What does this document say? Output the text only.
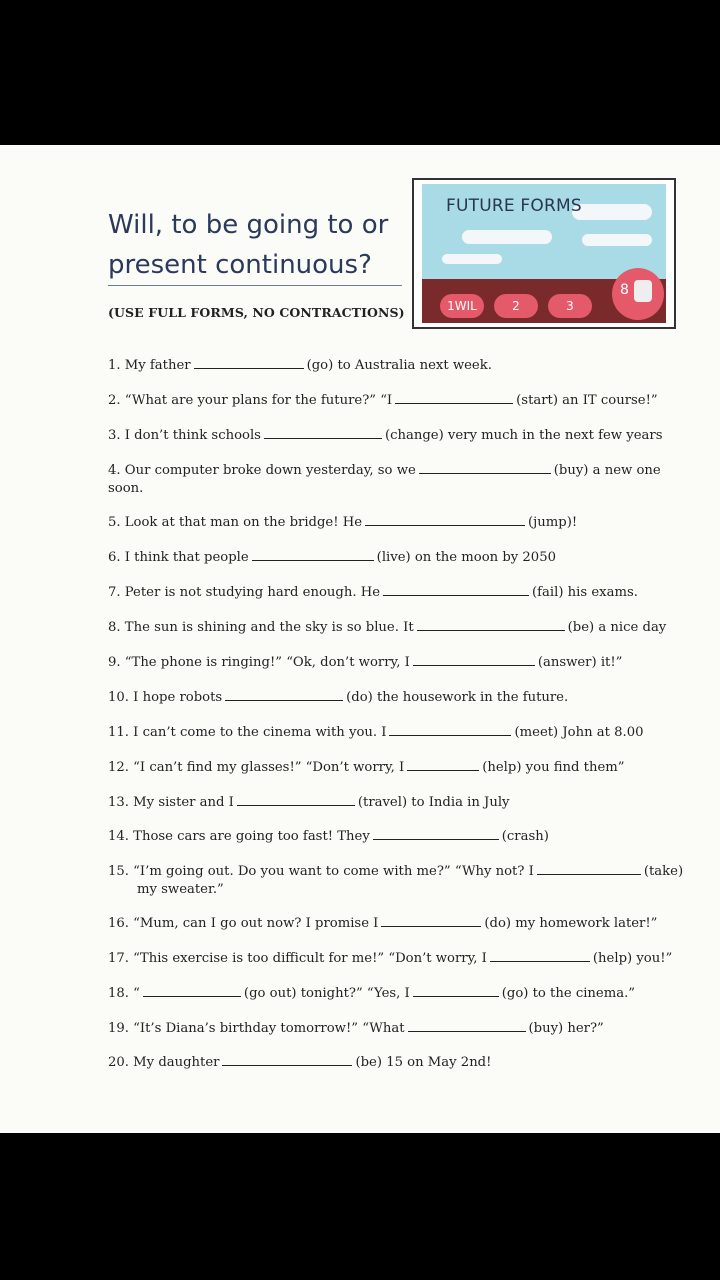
Will, to be going to or
present continuous?
(USE FULL FORMS, NO CONTRACTIONS)
FUTURE FORMS
1WIL	2	3
8
1. My father	(go) to Australia next week.
2. “What are your plans for the future?” “I	(start) an IT course!”
3. I don’t think schools	(change) very much in the next few years
4. Our computer broke down yesterday, so we	(buy) a new one
soon.
5. Look at that man on the bridge! He	(jump)!
6. I think that people	(live) on the moon by 2050
7. Peter is not studying hard enough. He	(fail) his exams.
8. The sun is shining and the sky is so blue. It	(be) a nice day
9. “The phone is ringing!” “Ok, don’t worry, I	(answer) it!”
10. I hope robots	(do) the housework in the future.
11. I can’t come to the cinema with you. I	(meet) John at 8.00
12. “I can’t find my glasses!” “Don’t worry, I	(help) you find them”
13. My sister and I	(travel) to India in July
14. Those cars are going too fast! They	(crash)
15. “I’m going out. Do you want to come with me?” “Why not? I	(take)
my sweater.”
16. “Mum, can I go out now? I promise I	(do) my homework later!”
17. “This exercise is too difficult for me!” “Don’t worry, I	(help) you!”
18. “	(go out) tonight?” “Yes, I	(go) to the cinema.”
19. “It’s Diana’s birthday tomorrow!” “What	(buy) her?”
20. My daughter	(be) 15 on May 2nd!
